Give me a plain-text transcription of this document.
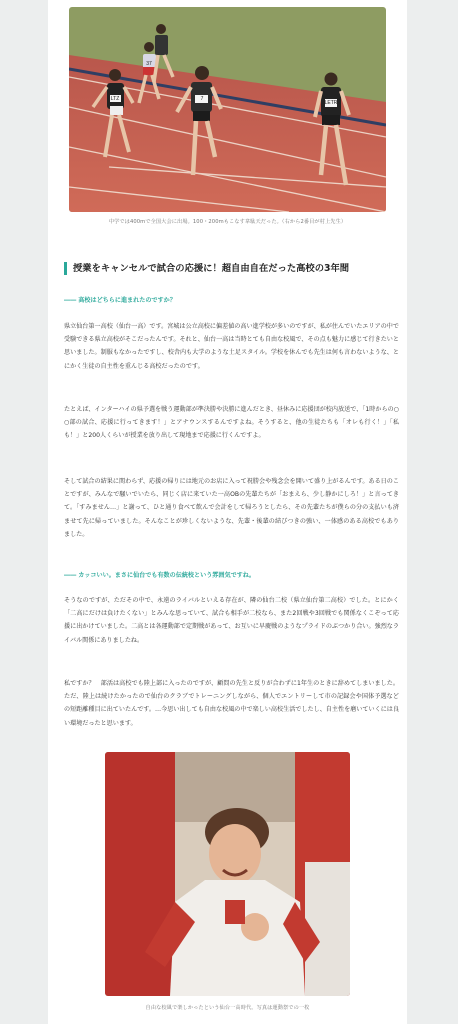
LTZ	7
LETR
37
中学では400mで全国大会に出場。100・200mもこなす韋駄天だった。（右から2番目が村上先生）
授業をキャンセルで試合の応援に！超自由自在だった高校の3年間
―― 高校はどちらに進まれたのですか？

県立仙台第一高校（仙台一高）です。宮城は公立高校に偏差値の高い進学校が多いのですが、私が住んでいたエリアの中で受験できる県立高校がそこだったんです。それと、仙台一高は当時とても自由な校風で、その点も魅力に感じて行きたいと思いました。制服もなかったですし、校舎内も大学のような土足スタイル。学校を休んでも先生は何も言わないような、とにかく生徒の自主性を重んじる高校だったのです。

たとえば、インターハイの県予選を戦う運動部が準決勝や決勝に進んだとき、昼休みに応援団が校内放送で、「1時からの○○部の試合、応援に行ってきます！」とアナウンスするんですよね。そうすると、他の生徒たちも「オレも行く！」「私も！」と200人くらいが授業を放り出して現地まで応援に行くんですよ。

そして試合の結果に関わらず、応援の帰りには地元のお店に入って祝勝会や残念会を開いて盛り上がるんです。ある日のことですが、みんなで騒いでいたら、同じく店に来ていた一高OBの先輩たちが「おまえら、少し静かにしろ！」と言ってきて。「すみません…」と謝って、ひと通り食べて飲んで会計をして帰ろうとしたら、その先輩たちが僕らの分の支払いも済ませて先に帰っていました。そんなことが珍しくないような、先輩・後輩の結びつきの強い、一体感のある高校でもありました。

―― カッコいい。まさに仙台でも有数の伝統校という雰囲気ですね。

そうなのですが、ただその中で、永遠のライバルといえる存在が、隣の仙台二校（県立仙台第二高校）でした。とにかく「二高にだけは負けたくない」とみんな思っていて、試合も相手が二校なら、また2回戦や3回戦でも関係なくこぞって応援に出かけていました。二高とは各運動部で定期戦があって、お互いに早慶戦のようなプライドのぶつかり合い。強烈なライバル関係にありましたね。

私ですか？　部活は高校でも陸上部に入ったのですが、顧問の先生と反りが合わずに1年生のときに辞めてしまいました。ただ、陸上は続けたかったので仙台のクラブでトレーニングしながら、個人でエントリーして市の記録会や国体予選などの短距離種目に出ていたんです。…今思い出しても自由な校風の中で楽しい高校生活でしたし、自主性を磨いていくには良い環境だったと思います。

自由な校風で楽しかったという仙台一高時代。写真は運動祭での一枚
